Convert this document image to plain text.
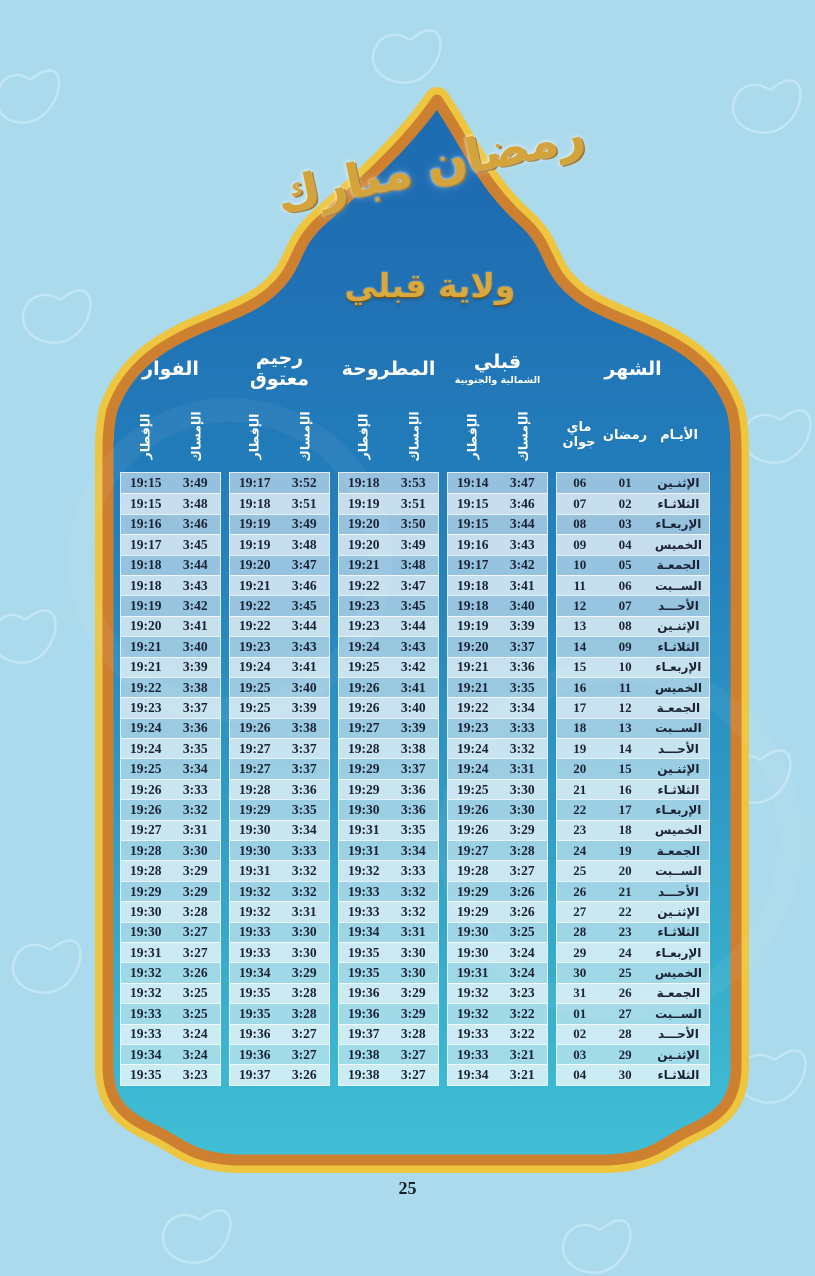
رمضان مبارك
ولاية قبلي
الشهر
الأيـام
رمضان
ماي
جوان
الإثنـين
01
06
الثلاثـاء
02
07
الإربعـاء
03
08
الخميس
04
09
الجمعـة
05
10
الســبت
06
11
الأحـــد
07
12
الإثنـين
08
13
الثلاثـاء
09
14
الإربعـاء
10
15
الخميس
11
16
الجمعـة
12
17
الســبت
13
18
الأحـــد
14
19
الإثنـين
15
20
الثلاثـاء
16
21
الإربعـاء
17
22
الخميس
18
23
الجمعـة
19
24
الســبت
20
25
الأحـــد
21
26
الإثنـين
22
27
الثلاثـاء
23
28
الإربعـاء
24
29
الخميس
25
30
الجمعـة
26
31
الســبت
27
01
الأحـــد
28
02
الإثنـين
29
03
الثلاثـاء
30
04
قبلي
الشمالية والجنوبية
الإمساك
الإفطار
3:47
19:14
3:46
19:15
3:44
19:15
3:43
19:16
3:42
19:17
3:41
19:18
3:40
19:18
3:39
19:19
3:37
19:20
3:36
19:21
3:35
19:21
3:34
19:22
3:33
19:23
3:32
19:24
3:31
19:24
3:30
19:25
3:30
19:26
3:29
19:26
3:28
19:27
3:27
19:28
3:26
19:29
3:26
19:29
3:25
19:30
3:24
19:30
3:24
19:31
3:23
19:32
3:22
19:32
3:22
19:33
3:21
19:33
3:21
19:34
المطروحة
الإمساك
الإفطار
3:53
19:18
3:51
19:19
3:50
19:20
3:49
19:20
3:48
19:21
3:47
19:22
3:45
19:23
3:44
19:23
3:43
19:24
3:42
19:25
3:41
19:26
3:40
19:26
3:39
19:27
3:38
19:28
3:37
19:29
3:36
19:29
3:36
19:30
3:35
19:31
3:34
19:31
3:33
19:32
3:32
19:33
3:32
19:33
3:31
19:34
3:30
19:35
3:30
19:35
3:29
19:36
3:29
19:36
3:28
19:37
3:27
19:38
3:27
19:38
رجيم
معتوق
الإمساك
الإفطار
3:52
19:17
3:51
19:18
3:49
19:19
3:48
19:19
3:47
19:20
3:46
19:21
3:45
19:22
3:44
19:22
3:43
19:23
3:41
19:24
3:40
19:25
3:39
19:25
3:38
19:26
3:37
19:27
3:37
19:27
3:36
19:28
3:35
19:29
3:34
19:30
3:33
19:30
3:32
19:31
3:32
19:32
3:31
19:32
3:30
19:33
3:30
19:33
3:29
19:34
3:28
19:35
3:28
19:35
3:27
19:36
3:27
19:36
3:26
19:37
الفوار
الإمساك
الإفطار
3:49
19:15
3:48
19:15
3:46
19:16
3:45
19:17
3:44
19:18
3:43
19:18
3:42
19:19
3:41
19:20
3:40
19:21
3:39
19:21
3:38
19:22
3:37
19:23
3:36
19:24
3:35
19:24
3:34
19:25
3:33
19:26
3:32
19:26
3:31
19:27
3:30
19:28
3:29
19:28
3:29
19:29
3:28
19:30
3:27
19:30
3:27
19:31
3:26
19:32
3:25
19:32
3:25
19:33
3:24
19:33
3:24
19:34
3:23
19:35
25
